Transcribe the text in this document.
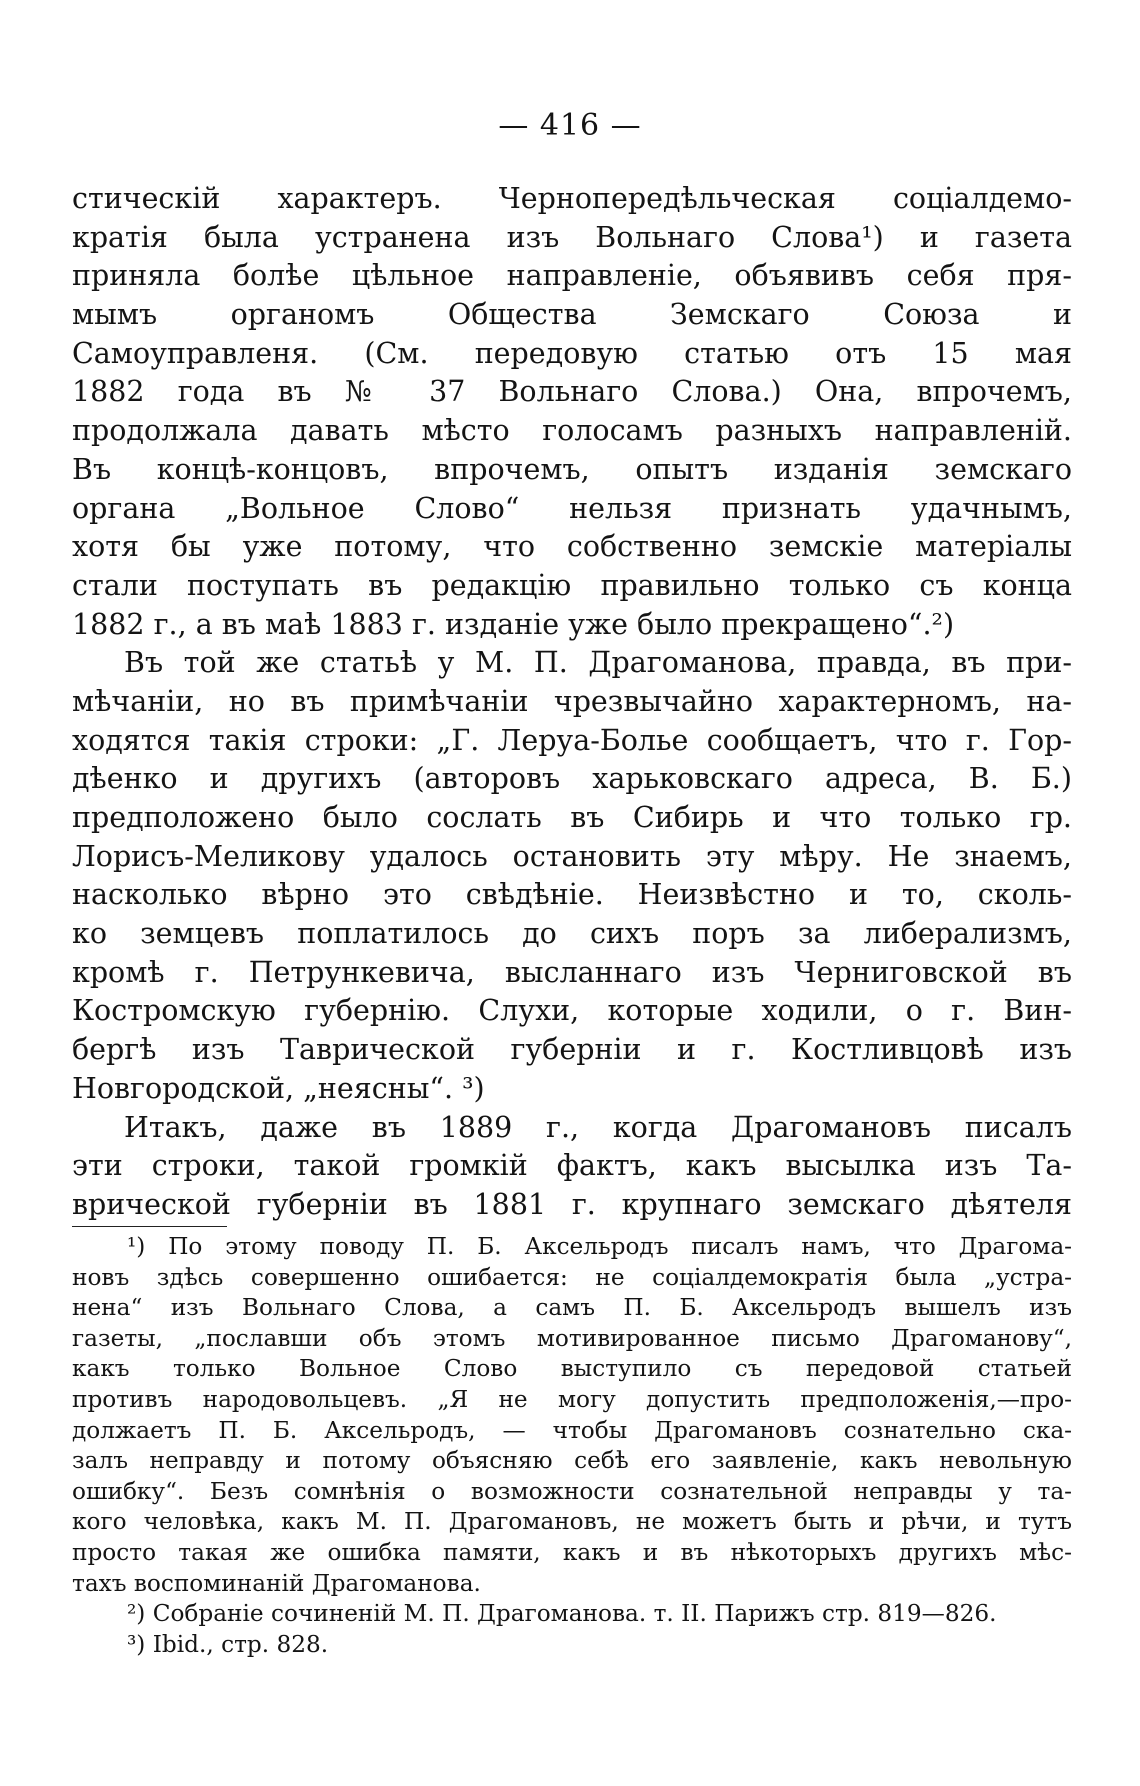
— 416 —
стическій характеръ. Чернопередѣльческая соціалдемо-
кратія была устранена изъ Вольнаго Слова¹) и газета
приняла болѣе цѣльное направленіе, объявивъ себя пря-
мымъ органомъ Общества Земскаго Союза и
Самоуправленя. (См. передовую статью отъ 15 мая
1882 года въ № 37 Вольнаго Слова.) Она, впрочемъ,
продолжала давать мѣсто голосамъ разныхъ направленій.
Въ концѣ-концовъ, впрочемъ, опытъ изданія земскаго
органа „Вольное Слово“ нельзя признать удачнымъ,
хотя бы уже потому, что собственно земскіе матеріалы
стали поступать въ редакцію правильно только съ конца
1882 г., а въ маѣ 1883 г. изданіе уже было прекращено“.²)
Въ той же статьѣ у М. П. Драгоманова, правда, въ при-
мѣчаніи, но въ примѣчаніи чрезвычайно характерномъ, на-
ходятся такія строки: „Г. Леруа-Болье сообщаетъ, что г. Гор-
дѣенко и другихъ (авторовъ харьковскаго адреса, В. Б.)
предположено было сослать въ Сибирь и что только гр.
Лорисъ-Меликову удалось остановить эту мѣру. Не знаемъ,
насколько вѣрно это свѣдѣніе. Неизвѣстно и то, сколь-
ко земцевъ поплатилось до сихъ поръ за либерализмъ,
кромѣ г. Петрункевича, высланнаго изъ Черниговской въ
Костромскую губернію. Слухи, которые ходили, о г. Вин-
бергѣ изъ Таврической губерніи и г. Костливцовѣ изъ
Новгородской, „неясны“. ³)
Итакъ, даже въ 1889 г., когда Драгомановъ писалъ
эти строки, такой громкій фактъ, какъ высылка изъ Та-
врической губерніи въ 1881 г. крупнаго земскаго дѣятеля
¹) По этому поводу П. Б. Аксельродъ писалъ намъ, что Драгома-
новъ здѣсь совершенно ошибается: не соціалдемократія была „устра-
нена“ изъ Вольнаго Слова, а самъ П. Б. Аксельродъ вышелъ изъ
газеты, „пославши объ этомъ мотивированное письмо Драгоманову“,
какъ только Вольное Слово выступило съ передовой статьей
противъ народовольцевъ. „Я не могу допустить предположенія,—про-
должаетъ П. Б. Аксельродъ, — чтобы Драгомановъ сознательно ска-
залъ неправду и потому объясняю себѣ его заявленіе, какъ невольную
ошибку“. Безъ сомнѣнія о возможности сознательной неправды у та-
кого человѣка, какъ М. П. Драгомановъ, не можетъ быть и рѣчи, и тутъ
просто такая же ошибка памяти, какъ и въ нѣкоторыхъ другихъ мѣс-
тахъ воспоминаній Драгоманова.
²) Собраніе сочиненій М. П. Драгоманова. т. II. Парижъ стр. 819—826.
³) Ibid., стр. 828.
